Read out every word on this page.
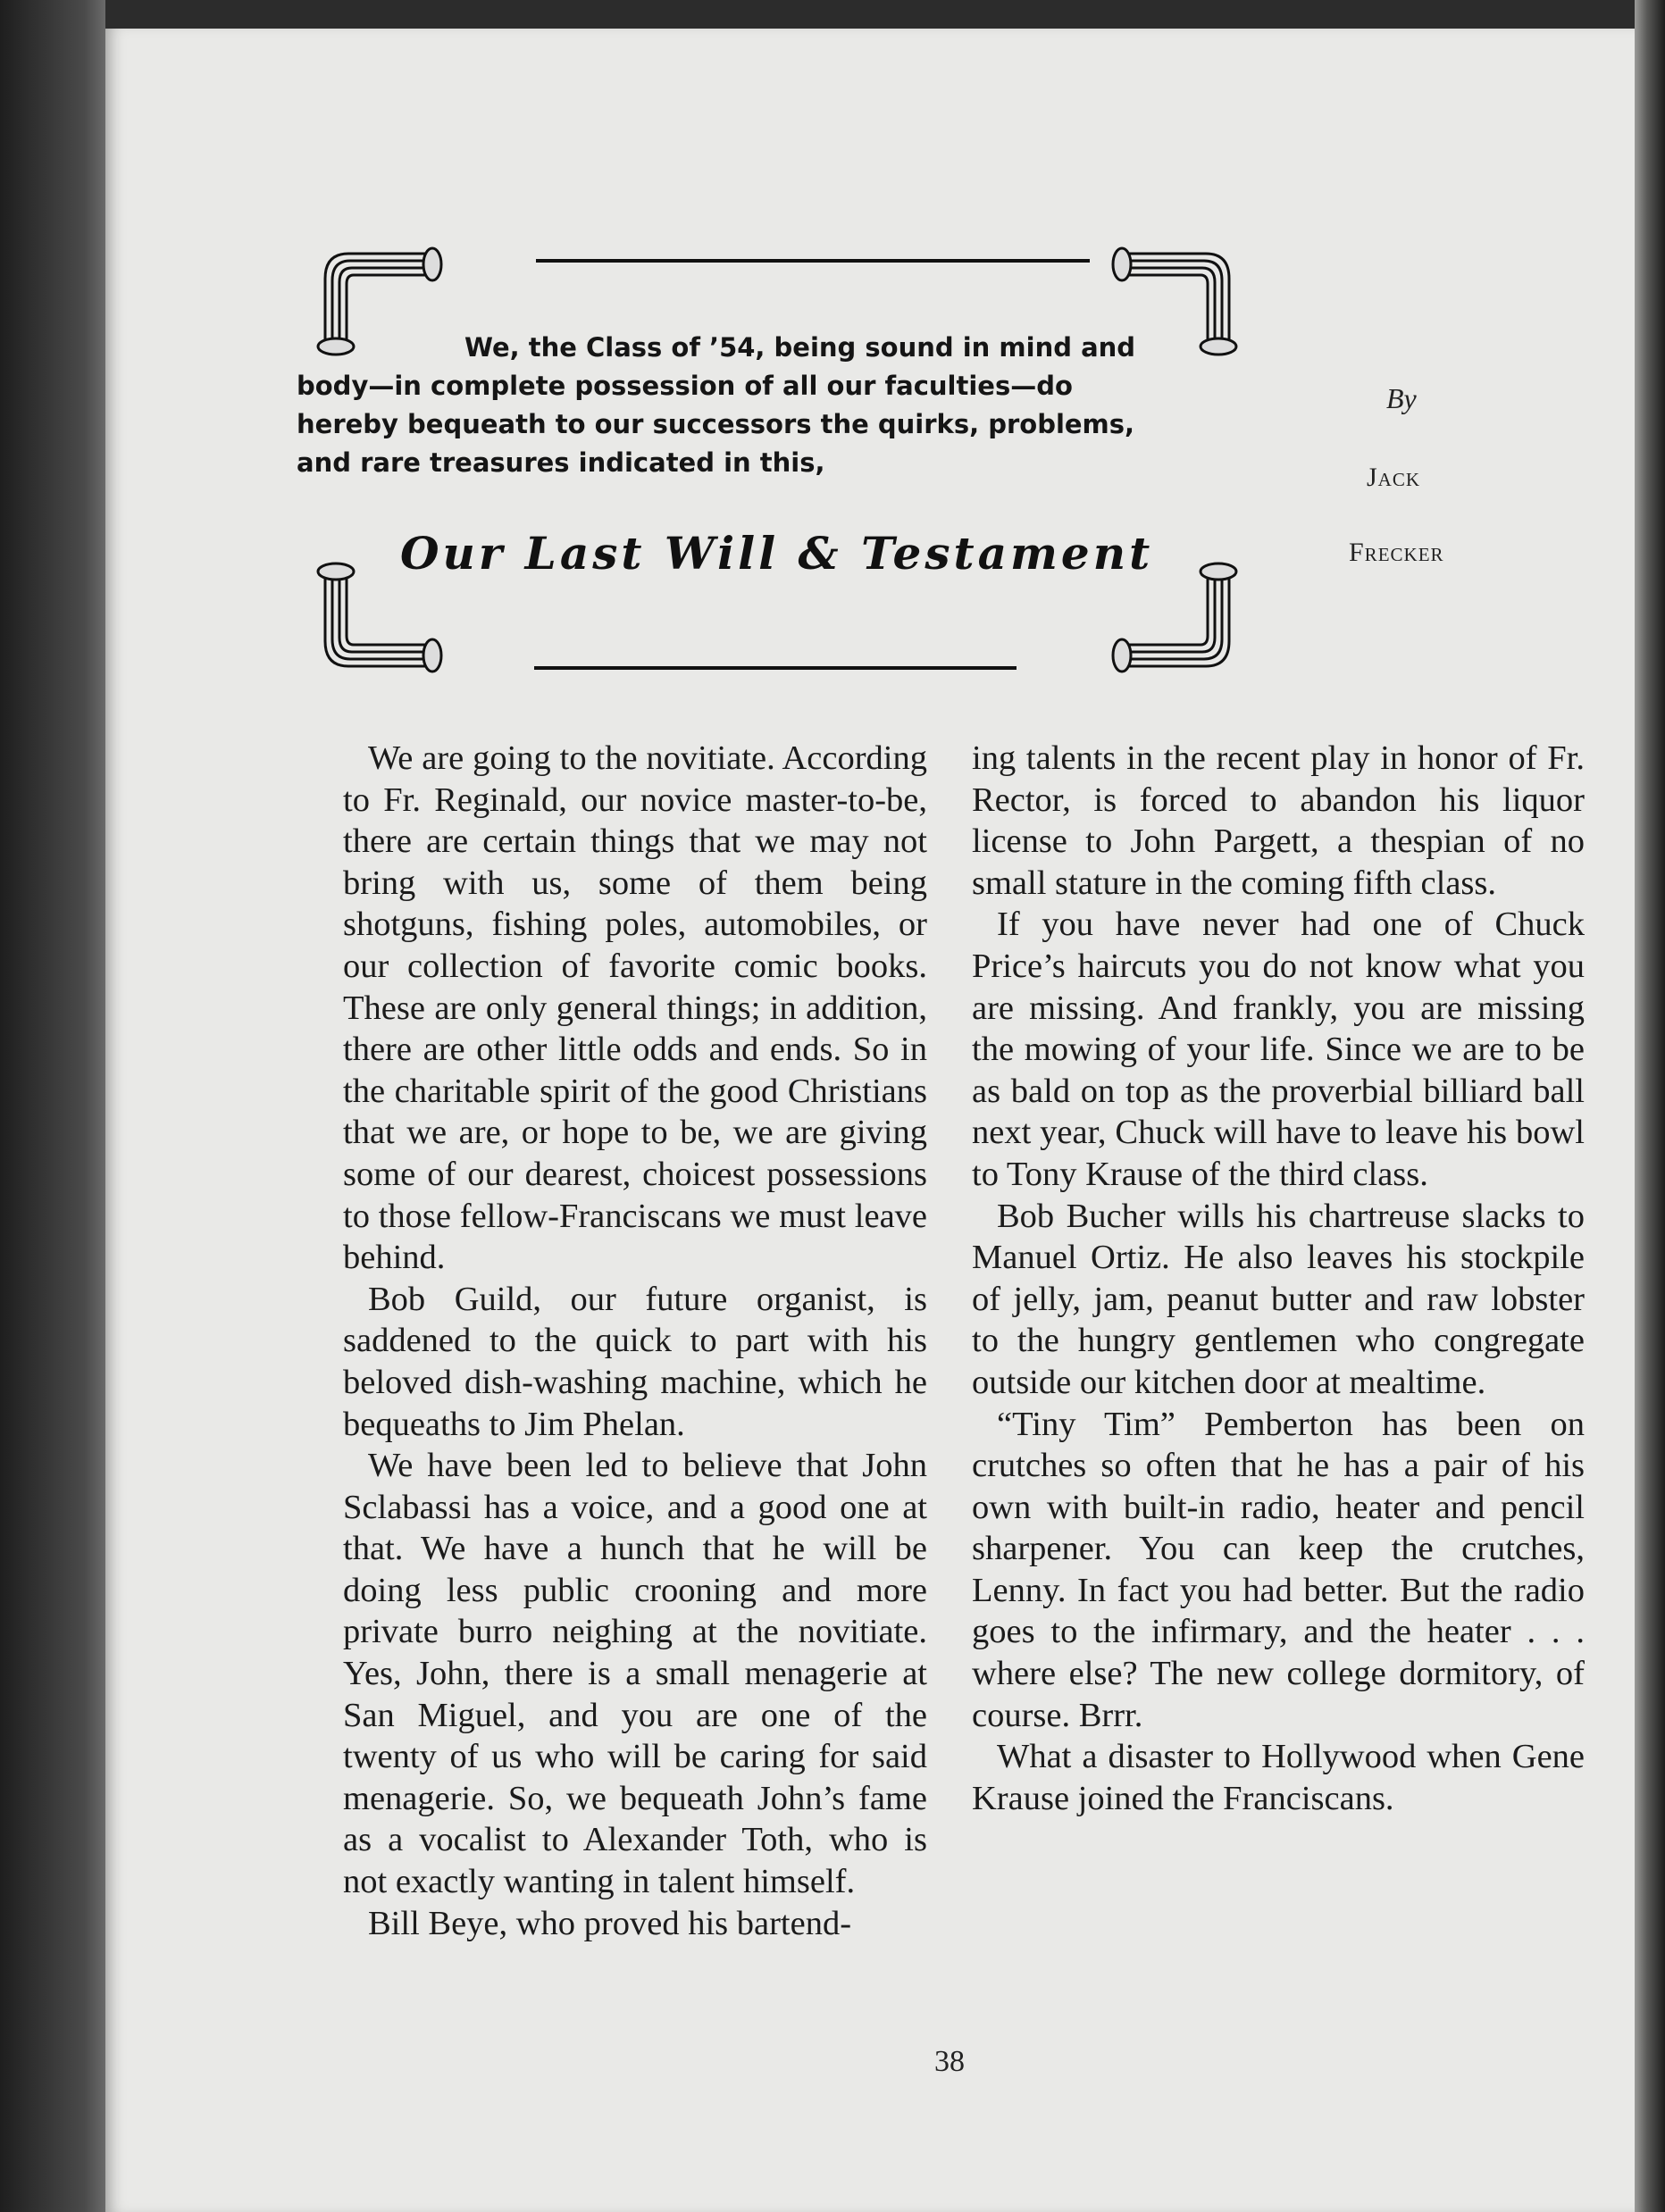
We, the Class of ’54, being sound in mind and body—in complete possession of all our faculties—do hereby bequeath to our successors the quirks, problems, and rare treasures indicated in this,

Our Last Will & Testament
By
Jack
Frecker

We are going to the novitiate. According to Fr. Reginald, our novice master-to-be, there are certain things that we may not bring with us, some of them being shotguns, fishing poles, automobiles, or our collection of favorite comic books. These are only general things; in addition, there are other little odds and ends. So in the charitable spirit of the good Christians that we are, or hope to be, we are giving some of our dearest, choicest possessions to those fellow-Franciscans we must leave behind.

Bob Guild, our future organist, is saddened to the quick to part with his beloved dish-washing machine, which he bequeaths to Jim Phelan.

We have been led to believe that John Sclabassi has a voice, and a good one at that. We have a hunch that he will be doing less public crooning and more private burro neighing at the novitiate. Yes, John, there is a small menagerie at San Miguel, and you are one of the twenty of us who will be caring for said menagerie. So, we bequeath John’s fame as a vocalist to Alexander Toth, who is not exactly wanting in talent himself.

Bill Beye, who proved his bartend-

ing talents in the recent play in honor of Fr. Rector, is forced to abandon his liquor license to John Pargett, a thespian of no small stature in the coming fifth class.

If you have never had one of Chuck Price’s haircuts you do not know what you are missing. And frankly, you are missing the mowing of your life. Since we are to be as bald on top as the proverbial billiard ball next year, Chuck will have to leave his bowl to Tony Krause of the third class.

Bob Bucher wills his chartreuse slacks to Manuel Ortiz. He also leaves his stockpile of jelly, jam, peanut butter and raw lobster to the hungry gentlemen who congregate outside our kitchen door at mealtime.

“Tiny Tim” Pemberton has been on crutches so often that he has a pair of his own with built-in radio, heater and pencil sharpener. You can keep the crutches, Lenny. In fact you had better. But the radio goes to the infirmary, and the heater . . . where else? The new college dormitory, of course. Brrr.

What a disaster to Hollywood when Gene Krause joined the Franciscans.

38
